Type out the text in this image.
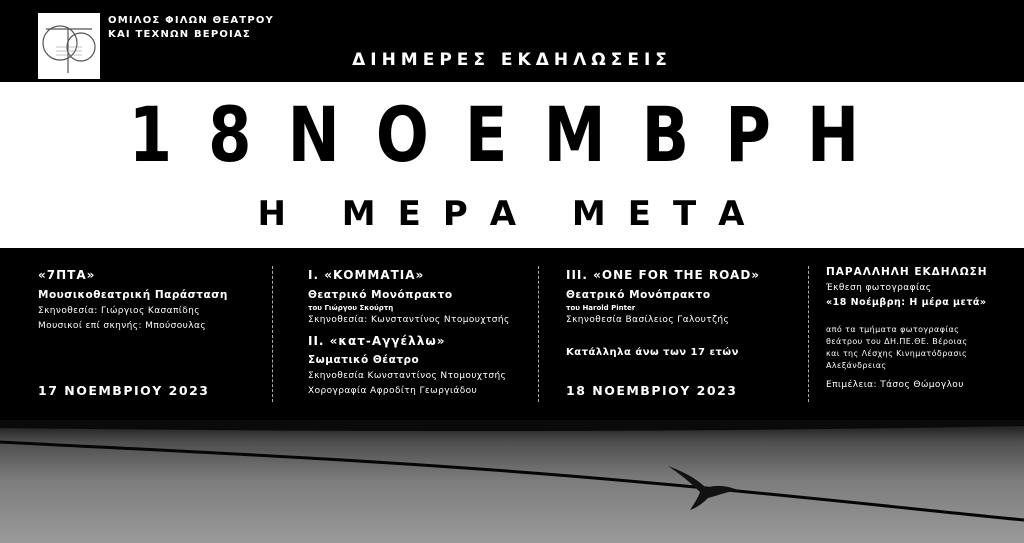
ΟΜΙΛΟΣ ΦΙΛΩΝ ΘΕΑΤΡΟΥ
ΚΑΙ ΤΕΧΝΩΝ ΒΕΡΟΙΑΣ
ΔΙΗΜΕΡΕΣ ΕΚΔΗΛΩΣΕΙΣ
18ΝΟΕΜΒΡΗ
Η ΜΕΡΑ ΜΕΤΑ
«7ΠΤΑ»
Μουσικοθεατρική Παράσταση
Σκηνοθεσία: Γιώργιος Κασαπίδης
Μουσικοί επί σκηνής: Μπούσουλας
17 ΝΟΕΜΒΡΙΟΥ 2023
Ι. «ΚΟΜΜΑΤΙΑ»
Θεατρικό Μονόπρακτο
του Γιώργου Σκούρτη
Σκηνοθεσία: Κωνσταντίνος Ντομουχτσής
ΙΙ. «κατ-Αγγέλλω»
Σωματικό Θέατρο
Σκηνοθεσία Κωνσταντίνος Ντομουχτσής
Χορογραφία Αφροδίτη Γεωργιάδου
ΙΙΙ. «ONE FOR THE ROAD»
Θεατρικό Μονόπρακτο
του Harold Pinter
Σκηνοθεσία Βασίλειος Γαλουτζής
Κατάλληλα άνω των 17 ετών
18 ΝΟΕΜΒΡΙΟΥ 2023
ΠΑΡΑΛΛΗΛΗ ΕΚΔΗΛΩΣΗ
Έκθεση φωτογραφίας
«18 Νοέμβρη: Η μέρα μετά»
από τα τμήματα φωτογραφίας
θεάτρου του ΔΗ.ΠΕ.ΘΕ. Βέροιας
και της Λέσχης Κινηματόδρασις
Αλεξάνδρειας
Επιμέλεια: Τάσος Θώμογλου
